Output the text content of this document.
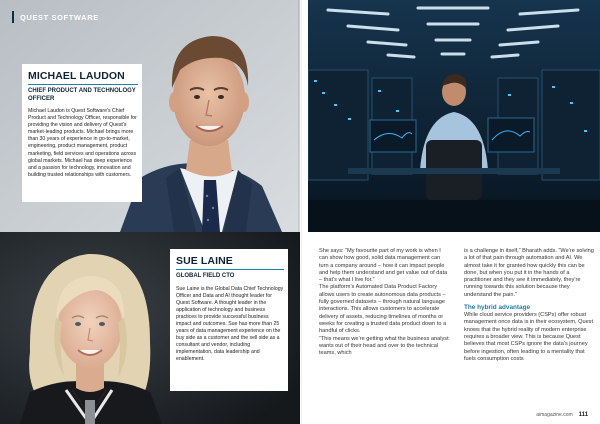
QUEST SOFTWARE
MICHAEL LAUDON
CHIEF PRODUCT AND TECHNOLOGY OFFICER

Michael Laudon is Quest Software's Chief Product and Technology Officer, responsible for providing the vision and delivery of Quest's market-leading products. Michael brings more than 30 years of experience in go-to-market, engineering, product management, product marketing, field services and operations across global markets. Michael has deep experience and a passion for technology, innovation and building trusted relationships with customers.

SUE LAINE
GLOBAL FIELD CTO

Sue Laine is the Global Data Chief Technology Officer and Data and AI thought leader for Quest Software. A thought leader in the application of technology and business practices to provide successful business impact and outcomes. Sue has more than 25 years of data management experience on the buy side as a customer and the sell side as a consultant and vendor, including implementation, data leadership and enablement.

She says: “My favourite part of my work is when I can show how good, solid data management can turn a company around – how it can impact people and help them understand and get value out of data – that’s what I live for.”

The platform’s Automated Data Product Factory allows users to create autonomous data products – fully governed datasets – through natural language interactions. This allows customers to accelerate delivery of assets, reducing timelines of months or weeks for creating a trusted data product down to a handful of clicks.

“This means we’re getting what the business analyst wants out of their head and over to the technical teams, which

is a challenge in itself,” Bharath adds. “We’re solving a lot of that pain through automation and AI. We almost take it for granted how quickly this can be done, but when you put it in the hands of a practitioner and they see it immediately, they’re running towards this solution because they understand the pain.”

The hybrid advantage

While cloud service providers (CSPs) offer robust management once data is in their ecosystem, Quest knows that the hybrid reality of modern enterprise requires a broader view. This is because Quest believes that most CSPs ignore the data’s journey before ingestion, often leading to a mentality that fuels consumption costs

aimagazine.com 111
